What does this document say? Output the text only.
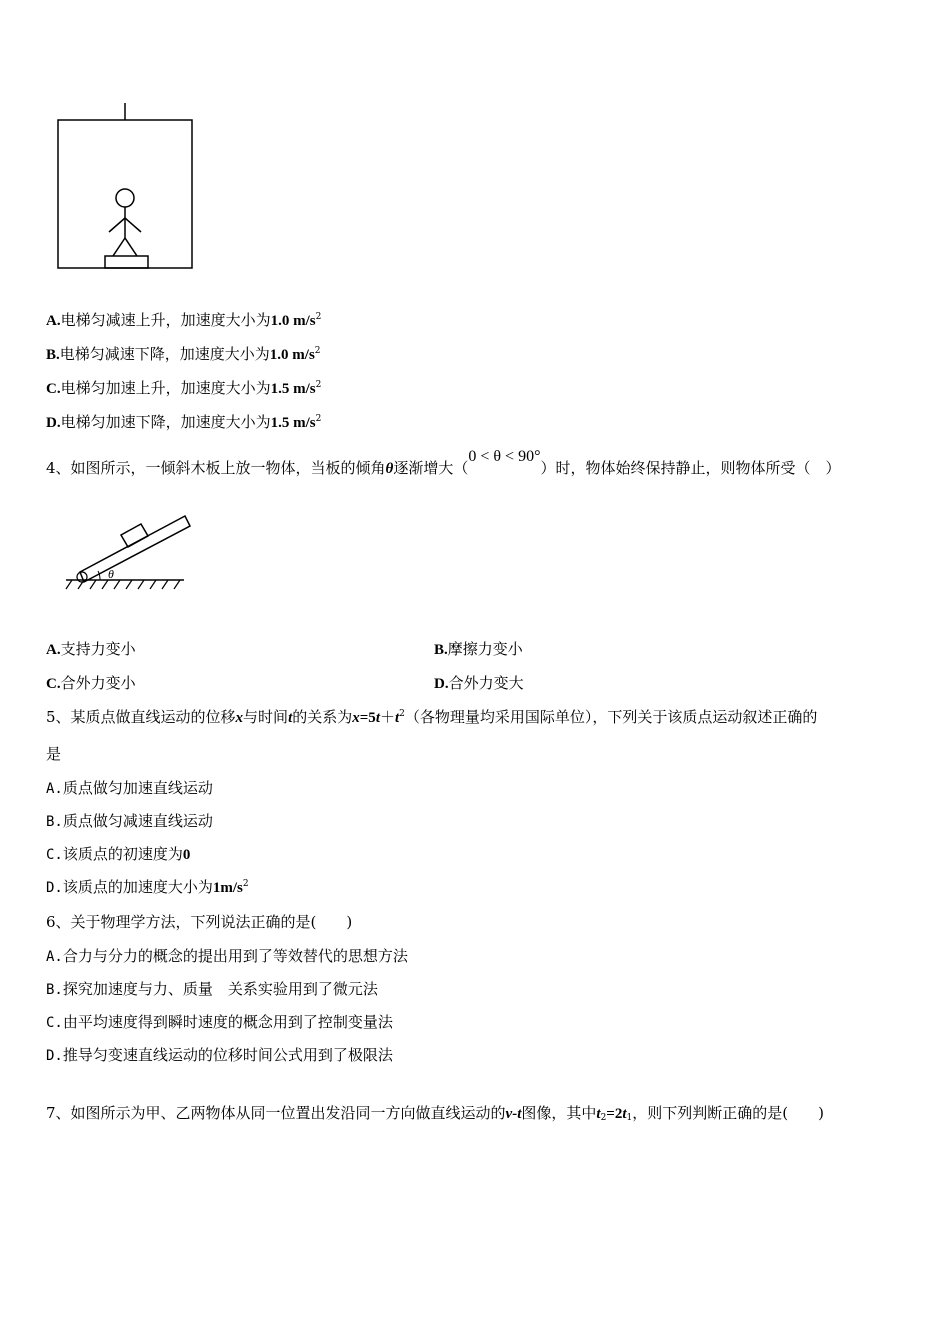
A.电梯匀减速上升，加速度大小为1.0 $m/s^2$
B.电梯匀减速下降，加速度大小为1.0 $m/s^2$
C.电梯匀加速上升，加速度大小为1.5 $m/s^2$
D.电梯匀加速下降，加速度大小为1.5 $m/s^2$
4、如图所示，一倾斜木板上放一物体，当板的倾角θ逐渐增大（0 < θ < 90°）时，物体始终保持静止，则物体所受（　）
θ
A.支持力变小	B.摩擦力变小
C.合外力变小	D.合外力变大
5、某质点做直线运动的位移x与时间t的关系为$x=5t+t^2$（各物理量均采用国际单位），下列关于该质点运动叙述正确的
是
A.质点做匀加速直线运动
B.质点做匀减速直线运动
C.该质点的初速度为0
D.该质点的加速度大小为$1m/s^2$
6、关于物理学方法，下列说法正确的是(　　)
A.合力与分力的概念的提出用到了等效替代的思想方法
B.探究加速度与力、质量　关系实验用到了微元法
C.由平均速度得到瞬时速度的概念用到了控制变量法
D.推导匀变速直线运动的位移时间公式用到了极限法
7、如图所示为甲、乙两物体从同一位置出发沿同一方向做直线运动的v-t图像，其中$t_2=2t_1$，则下列判断正确的是(　　)
